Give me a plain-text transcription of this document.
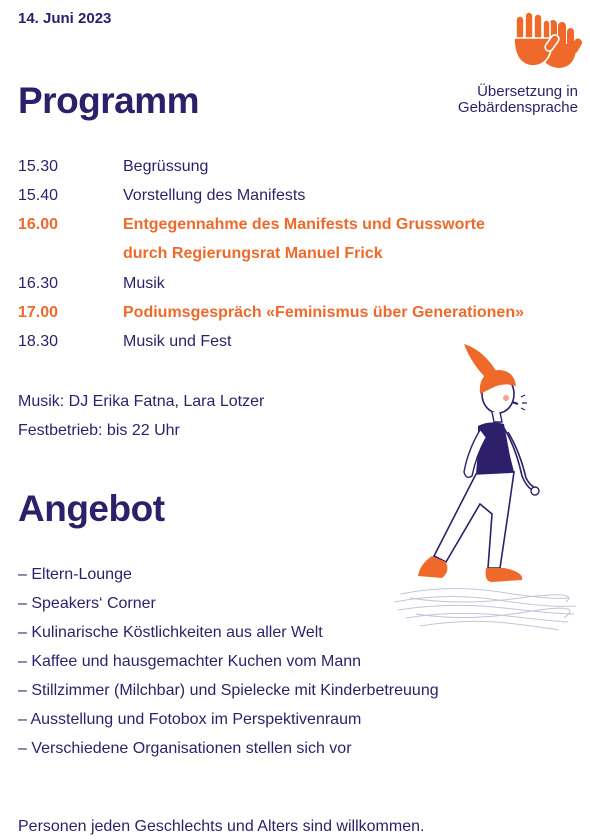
14. Juni 2023
Übersetzung in
Gebärdensprache
Programm
15.30	Begrüssung
15.40	Vorstellung des Manifests
16.00	Entgegennahme des Manifests und Grussworte
durch Regierungsrat Manuel Frick
16.30	Musik
17.00	Podiumsgespräch «Feminismus über Generationen»
18.30	Musik und Fest
Musik: DJ Erika Fatna, Lara Lotzer
Festbetrieb: bis 22 Uhr
Angebot
– Eltern-Lounge
– Speakers‘ Corner
– Kulinarische Köstlichkeiten aus aller Welt
– Kaffee und hausgemachter Kuchen vom Mann
– Stillzimmer (Milchbar) und Spielecke mit Kinderbetreuung
– Ausstellung und Fotobox im Perspektivenraum
– Verschiedene Organisationen stellen sich vor
Personen jeden Geschlechts und Alters sind willkommen.
